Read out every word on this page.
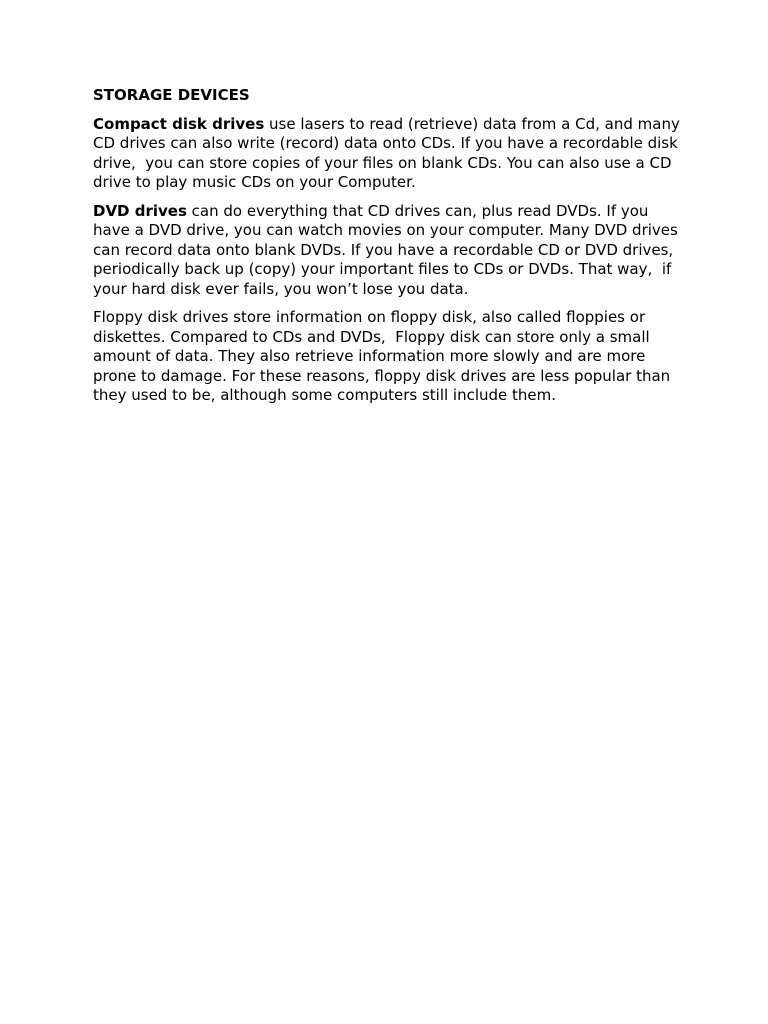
STORAGE DEVICES

Compact disk drives use lasers to read (retrieve) data from a Cd, and many CD drives can also write (record) data onto CDs. If you have a recordable disk drive,  you can store copies of your files on blank CDs. You can also use a CD drive to play music CDs on your Computer.

DVD drives can do everything that CD drives can, plus read DVDs. If you have a DVD drive, you can watch movies on your computer. Many DVD drives can record data onto blank DVDs. If you have a recordable CD or DVD drives,  periodically back up (copy) your important files to CDs or DVDs. That way,  if your hard disk ever fails, you won’t lose you data.

Floppy disk drives store information on floppy disk, also called floppies or diskettes. Compared to CDs and DVDs,  Floppy disk can store only a small amount of data. They also retrieve information more slowly and are more prone to damage. For these reasons, floppy disk drives are less popular than they used to be, although some computers still include them.
